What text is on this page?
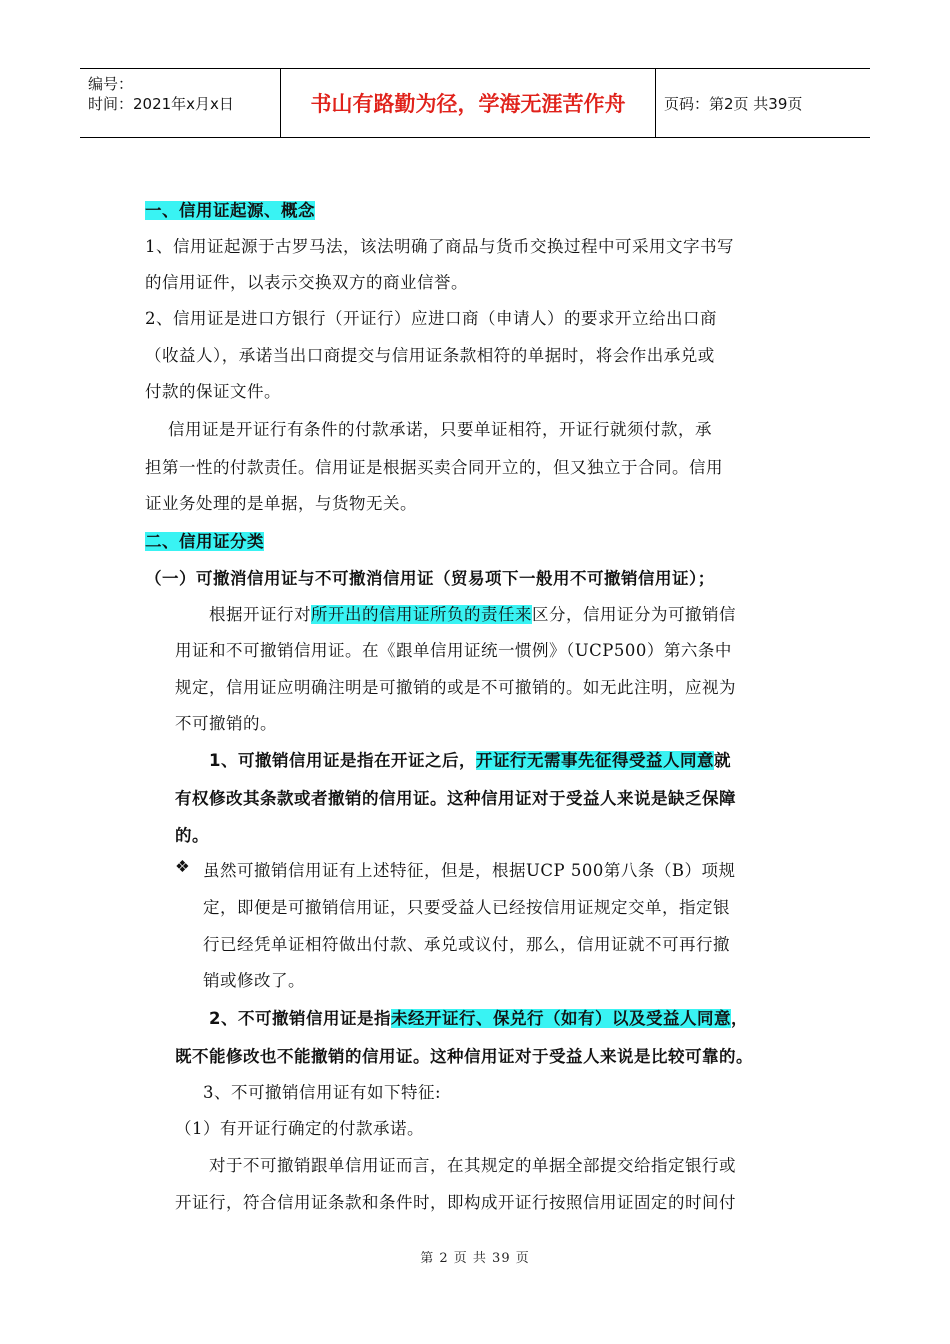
编号：
时间：2021年x月x日	书山有路勤为径，学海无涯苦作舟	页码：第2页 共39页
一、信用证起源、概念
1、信用证起源于古罗马法，该法明确了商品与货币交换过程中可采用文字书写
的信用证件，以表示交换双方的商业信誉。
2、信用证是进口方银行（开证行）应进口商（申请人）的要求开立给出口商
（收益人），承诺当出口商提交与信用证条款相符的单据时，将会作出承兑或
付款的保证文件。
信用证是开证行有条件的付款承诺，只要单证相符，开证行就须付款，承
担第一性的付款责任。信用证是根据买卖合同开立的，但又独立于合同。信用
证业务处理的是单据，与货物无关。
二、信用证分类
（一）可撤消信用证与不可撤消信用证（贸易项下一般用不可撤销信用证）；
根据开证行对所开出的信用证所负的责任来区分，信用证分为可撤销信
用证和不可撤销信用证。在《跟单信用证统一惯例》（UCP500）第六条中
规定，信用证应明确注明是可撤销的或是不可撤销的。如无此注明，应视为
不可撤销的。
1、可撤销信用证是指在开证之后，开证行无需事先征得受益人同意就
有权修改其条款或者撤销的信用证。这种信用证对于受益人来说是缺乏保障
的。
❖ 虽然可撤销信用证有上述特征，但是，根据UCP 500第八条（B）项规
定，即便是可撤销信用证，只要受益人已经按信用证规定交单，指定银
行已经凭单证相符做出付款、承兑或议付，那么，信用证就不可再行撤
销或修改了。
2、不可撤销信用证是指未经开证行、保兑行（如有）以及受益人同意，
既不能修改也不能撤销的信用证。这种信用证对于受益人来说是比较可靠的。
3、不可撤销信用证有如下特征:
（1）有开证行确定的付款承诺。
对于不可撤销跟单信用证而言，在其规定的单据全部提交给指定银行或
开证行，符合信用证条款和条件时，即构成开证行按照信用证固定的时间付
第 2 页 共 39 页
